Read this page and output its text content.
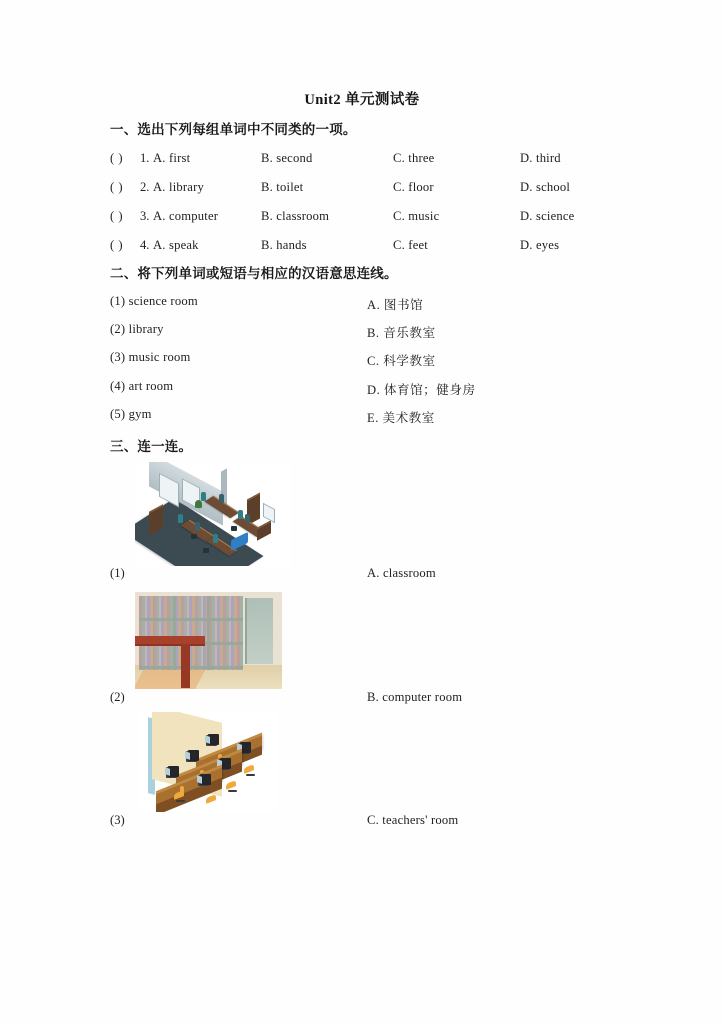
Unit2 单元测试卷
一、选出下列每组单词中不同类的一项。
( ) 1. A. first	B. second	C. three	D. third
( ) 2. A. library	B. toilet	C. floor	D. school
( ) 3. A. computer	B. classroom	C. music	D. science
( ) 4. A. speak	B. hands	C. feet	D. eyes
二、将下列单词或短语与相应的汉语意思连线。
(1) science room	A. 图书馆
(2) library	B. 音乐教室
(3) music room	C. 科学教室
(4) art room	D. 体育馆；健身房
(5) gym	E. 美术教室
三、连一连。
(1)	A. classroom
(2)	B. computer room
(3)	C. teachers' room
